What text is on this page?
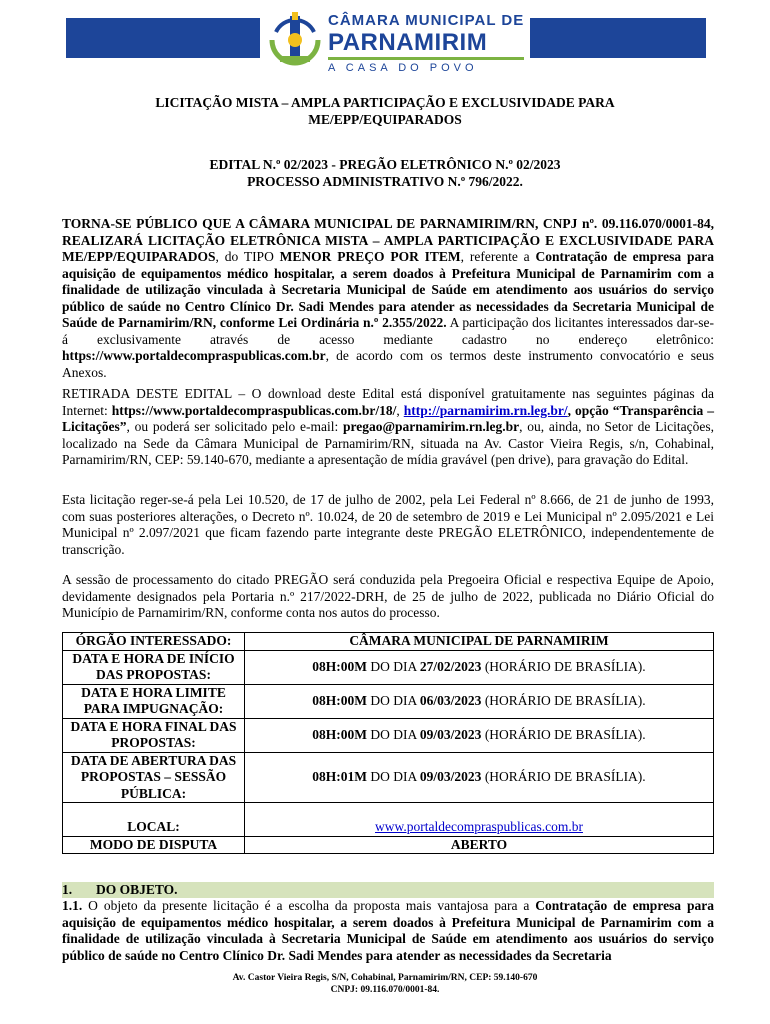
CÂMARA MUNICIPAL DE
PARNAMIRIM
A CASA DO POVO
LICITAÇÃO MISTA – AMPLA PARTICIPAÇÃO E EXCLUSIVIDADE PARA
ME/EPP/EQUIPARADOS
EDITAL N.º 02/2023 - PREGÃO ELETRÔNICO N.º 02/2023
PROCESSO ADMINISTRATIVO N.º 796/2022.
TORNA-SE PÚBLICO QUE A CÂMARA MUNICIPAL DE PARNAMIRIM/RN, CNPJ nº. 09.116.070/0001-84, REALIZARÁ LICITAÇÃO ELETRÔNICA MISTA – AMPLA PARTICIPAÇÃO E EXCLUSIVIDADE PARA ME/EPP/EQUIPARADOS, do TIPO MENOR PREÇO POR ITEM, referente a Contratação de empresa para aquisição de equipamentos médico hospitalar, a serem doados à Prefeitura Municipal de Parnamirim com a finalidade de utilização vinculada à Secretaria Municipal de Saúde em atendimento aos usuários do serviço público de saúde no Centro Clínico Dr. Sadi Mendes para atender as necessidades da Secretaria Municipal de Saúde de Parnamirim/RN, conforme Lei Ordinária n.º 2.355/2022. A participação dos licitantes interessados dar-se-á exclusivamente através de acesso mediante cadastro no endereço eletrônico: https://www.portaldecompraspublicas.com.br, de acordo com os termos deste instrumento convocatório e seus Anexos.
RETIRADA DESTE EDITAL – O download deste Edital está disponível gratuitamente nas seguintes páginas da Internet: https://www.portaldecompraspublicas.com.br/18/, http://parnamirim.rn.leg.br/, opção “Transparência – Licitações”, ou poderá ser solicitado pelo e-mail: pregao@parnamirim.rn.leg.br, ou, ainda, no Setor de Licitações, localizado na Sede da Câmara Municipal de Parnamirim/RN, situada na Av. Castor Vieira Regis, s/n, Cohabinal, Parnamirim/RN, CEP: 59.140-670, mediante a apresentação de mídia gravável (pen drive), para gravação do Edital.
Esta licitação reger-se-á pela Lei 10.520, de 17 de julho de 2002, pela Lei Federal nº 8.666, de 21 de junho de 1993, com suas posteriores alterações, o Decreto nº. 10.024, de 20 de setembro de 2019 e Lei Municipal nº 2.095/2021 e Lei Municipal nº 2.097/2021 que ficam fazendo parte integrante deste PREGÃO ELETRÔNICO, independentemente de transcrição.
A sessão de processamento do citado PREGÃO será conduzida pela Pregoeira Oficial e respectiva Equipe de Apoio, devidamente designados pela Portaria n.º 217/2022-DRH, de 25 de julho de 2022, publicada no Diário Oficial do Município de Parnamirim/RN, conforme conta nos autos do processo.
ÓRGÃO INTERESSADO:	CÂMARA MUNICIPAL DE PARNAMIRIM
DATA E HORA DE INÍCIO DAS PROPOSTAS:	08H:00M DO DIA 27/02/2023 (HORÁRIO DE BRASÍLIA).
DATA E HORA LIMITE PARA IMPUGNAÇÃO:	08H:00M DO DIA 06/03/2023 (HORÁRIO DE BRASÍLIA).
DATA E HORA FINAL DAS PROPOSTAS:	08H:00M DO DIA 09/03/2023 (HORÁRIO DE BRASÍLIA).
DATA DE ABERTURA DAS PROPOSTAS – SESSÃO PÚBLICA:	08H:01M DO DIA 09/03/2023 (HORÁRIO DE BRASÍLIA).
LOCAL:	www.portaldecompraspublicas.com.br
MODO DE DISPUTA	ABERTO
1. DO OBJETO.
1.1. O objeto da presente licitação é a escolha da proposta mais vantajosa para a Contratação de empresa para aquisição de equipamentos médico hospitalar, a serem doados à Prefeitura Municipal de Parnamirim com a finalidade de utilização vinculada à Secretaria Municipal de Saúde em atendimento aos usuários do serviço público de saúde no Centro Clínico Dr. Sadi Mendes para atender as necessidades da Secretaria
Av. Castor Vieira Regis, S/N, Cohabinal, Parnamirim/RN, CEP: 59.140-670
CNPJ: 09.116.070/0001-84.
